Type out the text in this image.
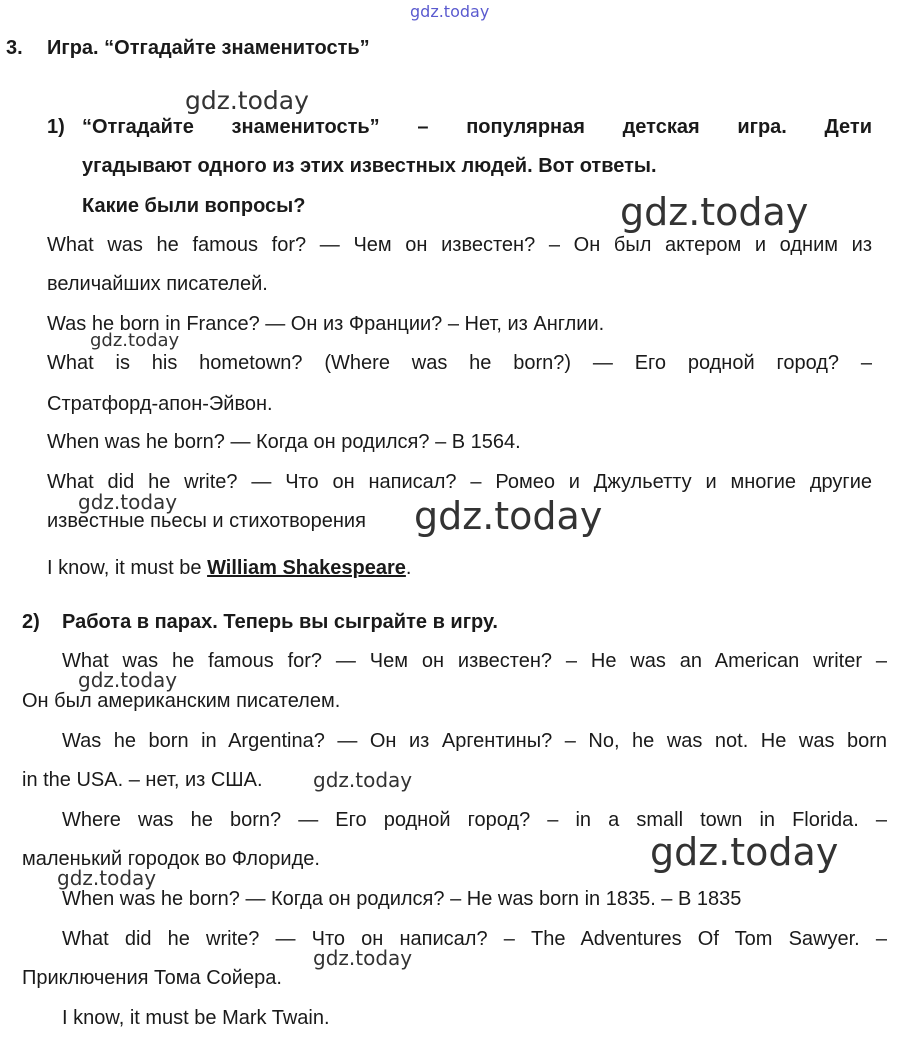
gdz.today
gdz.today
gdz.today
gdz.today
gdz.today	gdz.today
gdz.today
gdz.today
gdz.today
gdz.today
gdz.today
3. Игра. “Отгадайте знаменитость”
1) “Отгадайте знаменитость” – популярная детская игра. Дети
угадывают одного из этих известных людей. Вот ответы.
Какие были вопросы?
What was he famous for? — Чем он известен? – Он был актером и одним из
величайших писателей.
Was he born in France? — Он из Франции? – Нет, из Англии.
What is his hometown? (Where was he born?) — Его родной город? –
Стратфорд-апон-Эйвон.
When was he born? — Когда он родился? – В 1564.
What did he write? — Что он написал? – Ромео и Джульетту и многие другие
известные пьесы и стихотворения
I know, it must be William Shakespeare.
2) Работа в парах. Теперь вы сыграйте в игру.
What was he famous for? — Чем он известен? – He was an American writer –
Он был американским писателем.
Was he born in Argentina? — Он из Аргентины? – No, he was not. He was born
in the USA. – нет, из США.
Where was he born? — Его родной город? – in a small town in Florida. –
маленький городок во Флориде.
When was he born? — Когда он родился? – He was born in 1835. – В 1835
What did he write? — Что он написал? – The Adventures Of Tom Sawyer. –
Приключения Тома Сойера.
I know, it must be Mark Twain.
